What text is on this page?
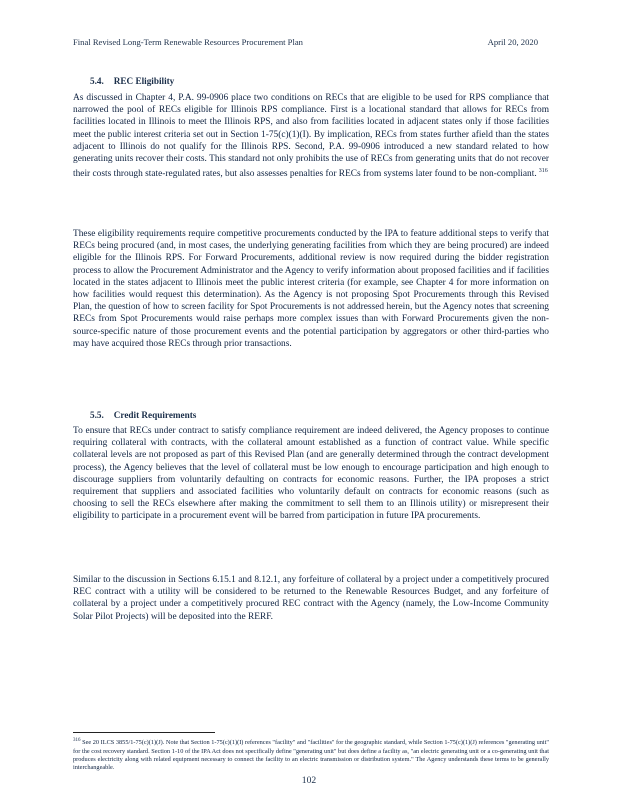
Final Revised Long-Term Renewable Resources Procurement Plan	April 20, 2020
5.4. REC Eligibility
As discussed in Chapter 4, P.A. 99-0906 place two conditions on RECs that are eligible to be used for RPS compliance that narrowed the pool of RECs eligible for Illinois RPS compliance. First is a locational standard that allows for RECs from facilities located in Illinois to meet the Illinois RPS, and also from facilities located in adjacent states only if those facilities meet the public interest criteria set out in Section 1-75(c)(1)(I). By implication, RECs from states further afield than the states adjacent to Illinois do not qualify for the Illinois RPS. Second, P.A. 99-0906 introduced a new standard related to how generating units recover their costs. This standard not only prohibits the use of RECs from generating units that do not recover their costs through state-regulated rates, but also assesses penalties for RECs from systems later found to be non-compliant. $^{316}$
These eligibility requirements require competitive procurements conducted by the IPA to feature additional steps to verify that RECs being procured (and, in most cases, the underlying generating facilities from which they are being procured) are indeed eligible for the Illinois RPS. For Forward Procurements, additional review is now required during the bidder registration process to allow the Procurement Administrator and the Agency to verify information about proposed facilities and if facilities located in the states adjacent to Illinois meet the public interest criteria (for example, see Chapter 4 for more information on how facilities would request this determination). As the Agency is not proposing Spot Procurements through this Revised Plan, the question of how to screen facility for Spot Procurements is not addressed herein, but the Agency notes that screening RECs from Spot Procurements would raise perhaps more complex issues than with Forward Procurements given the non-source-specific nature of those procurement events and the potential participation by aggregators or other third-parties who may have acquired those RECs through prior transactions.
5.5. Credit Requirements
To ensure that RECs under contract to satisfy compliance requirement are indeed delivered, the Agency proposes to continue requiring collateral with contracts, with the collateral amount established as a function of contract value. While specific collateral levels are not proposed as part of this Revised Plan (and are generally determined through the contract development process), the Agency believes that the level of collateral must be low enough to encourage participation and high enough to discourage suppliers from voluntarily defaulting on contracts for economic reasons. Further, the IPA proposes a strict requirement that suppliers and associated facilities who voluntarily default on contracts for economic reasons (such as choosing to sell the RECs elsewhere after making the commitment to sell them to an Illinois utility) or misrepresent their eligibility to participate in a procurement event will be barred from participation in future IPA procurements.
Similar to the discussion in Sections 6.15.1 and 8.12.1, any forfeiture of collateral by a project under a competitively procured REC contract with a utility will be considered to be returned to the Renewable Resources Budget, and any forfeiture of collateral by a project under a competitively procured REC contract with the Agency (namely, the Low-Income Community Solar Pilot Projects) will be deposited into the RERF.
$^{316}$ See 20 ILCS 3855/1-75(c)(1)(J). Note that Section 1-75(c)(1)(I) references "facility" and "facilities" for the geographic standard, while Section 1-75(c)(1)(J) references "generating unit" for the cost recovery standard. Section 1-10 of the IPA Act does not specifically define "generating unit" but does define a facility as, "an electric generating unit or a co-generating unit that produces electricity along with related equipment necessary to connect the facility to an electric transmission or distribution system." The Agency understands these terms to be generally interchangeable.
102
